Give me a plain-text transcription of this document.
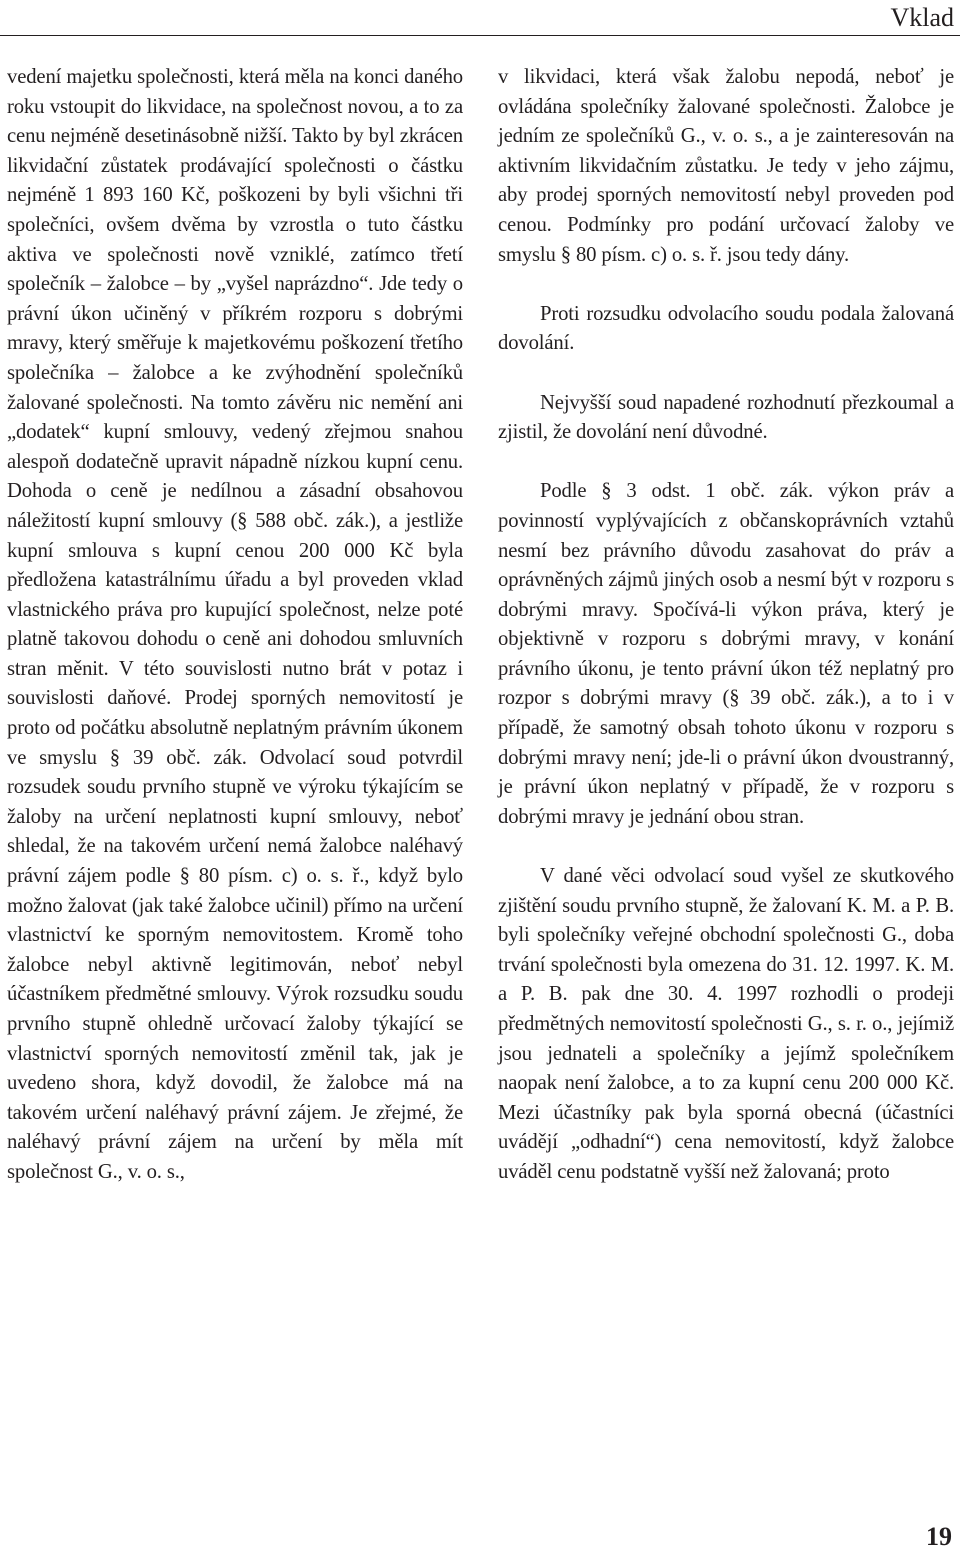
Vklad

vedení majetku společnosti, která měla na konci daného roku vstoupit do likvidace, na společnost novou, a to za cenu nejméně desetinásobně nižší. Takto by byl zkrácen likvidační zůstatek prodávající společnosti o částku nejméně 1 893 160 Kč, poškozeni by byli všichni tři společníci, ovšem dvěma by vzrostla o tuto částku aktiva ve společnosti nově vzniklé, zatímco třetí společník – žalobce – by „vyšel naprázdno“. Jde tedy o právní úkon učiněný v příkrém rozporu s dobrými mravy, který směřuje k majetkovému poškození třetího společníka – žalobce a ke zvýhodnění společníků žalované společnosti. Na tomto závěru nic nemění ani „dodatek“ kupní smlouvy, vedený zřejmou snahou alespoň dodatečně upravit nápadně nízkou kupní cenu. Dohoda o ceně je nedílnou a zásadní obsahovou náležitostí kupní smlouvy (§ 588 obč. zák.), a jestliže kupní smlouva s kupní cenou 200 000 Kč byla předložena katastrálnímu úřadu a byl proveden vklad vlastnického práva pro kupující společnost, nelze poté platně takovou dohodu o ceně ani dohodou smluvních stran měnit. V této souvislosti nutno brát v potaz i souvislosti daňové. Prodej sporných nemovitostí je proto od počátku absolutně neplatným právním úkonem ve smyslu § 39 obč. zák. Odvolací soud potvrdil rozsudek soudu prvního stupně ve výroku týkajícím se žaloby na určení neplatnosti kupní smlouvy, neboť shledal, že na takovém určení nemá žalobce naléhavý právní zájem podle § 80 písm. c) o. s. ř., když bylo možno žalovat (jak také žalobce učinil) přímo na určení vlastnictví ke sporným nemovitostem. Kromě toho žalobce nebyl aktivně legitimován, neboť nebyl účastníkem předmětné smlouvy. Výrok rozsudku soudu prvního stupně ohledně určovací žaloby týkající se vlastnictví sporných nemovitostí změnil tak, jak je uvedeno shora, když dovodil, že žalobce má na takovém určení naléhavý právní zájem. Je zřejmé, že naléhavý právní zájem na určení by měla mít společnost G., v. o. s.,

v likvidaci, která však žalobu nepodá, neboť je ovládána společníky žalované společnosti. Žalobce je jedním ze společníků G., v. o. s., a je zainteresován na aktivním likvidačním zůstatku. Je tedy v jeho zájmu, aby prodej sporných nemovitostí nebyl proveden pod cenou. Podmínky pro podání určovací žaloby ve smyslu § 80 písm. c) o. s. ř. jsou tedy dány.

Proti rozsudku odvolacího soudu podala žalovaná dovolání.

Nejvyšší soud napadené rozhodnutí přezkoumal a zjistil, že dovolání není důvodné.

Podle § 3 odst. 1 obč. zák. výkon práv a povinností vyplývajících z občanskoprávních vztahů nesmí bez právního důvodu zasahovat do práv a oprávněných zájmů jiných osob a nesmí být v rozporu s dobrými mravy. Spočívá-li výkon práva, který je objektivně v rozporu s dobrými mravy, v konání právního úkonu, je tento právní úkon též neplatný pro rozpor s dobrými mravy (§ 39 obč. zák.), a to i v případě, že samotný obsah tohoto úkonu v rozporu s dobrými mravy není; jde-li o právní úkon dvoustranný, je právní úkon neplatný v případě, že v rozporu s dobrými mravy je jednání obou stran.

V dané věci odvolací soud vyšel ze skutkového zjištění soudu prvního stupně, že žalovaní K. M. a P. B. byli společníky veřejné obchodní společnosti G., doba trvání společnosti byla omezena do 31. 12. 1997. K. M. a P. B. pak dne 30. 4. 1997 rozhodli o prodeji předmětných nemovitostí společnosti G., s. r. o., jejímiž jsou jednateli a společníky a jejímž společníkem naopak není žalobce, a to za kupní cenu 200 000 Kč. Mezi účastníky pak byla sporná obecná (účastníci uvádějí „odhadní“) cena nemovitostí, když žalobce uváděl cenu podstatně vyšší než žalovaná; proto

19
